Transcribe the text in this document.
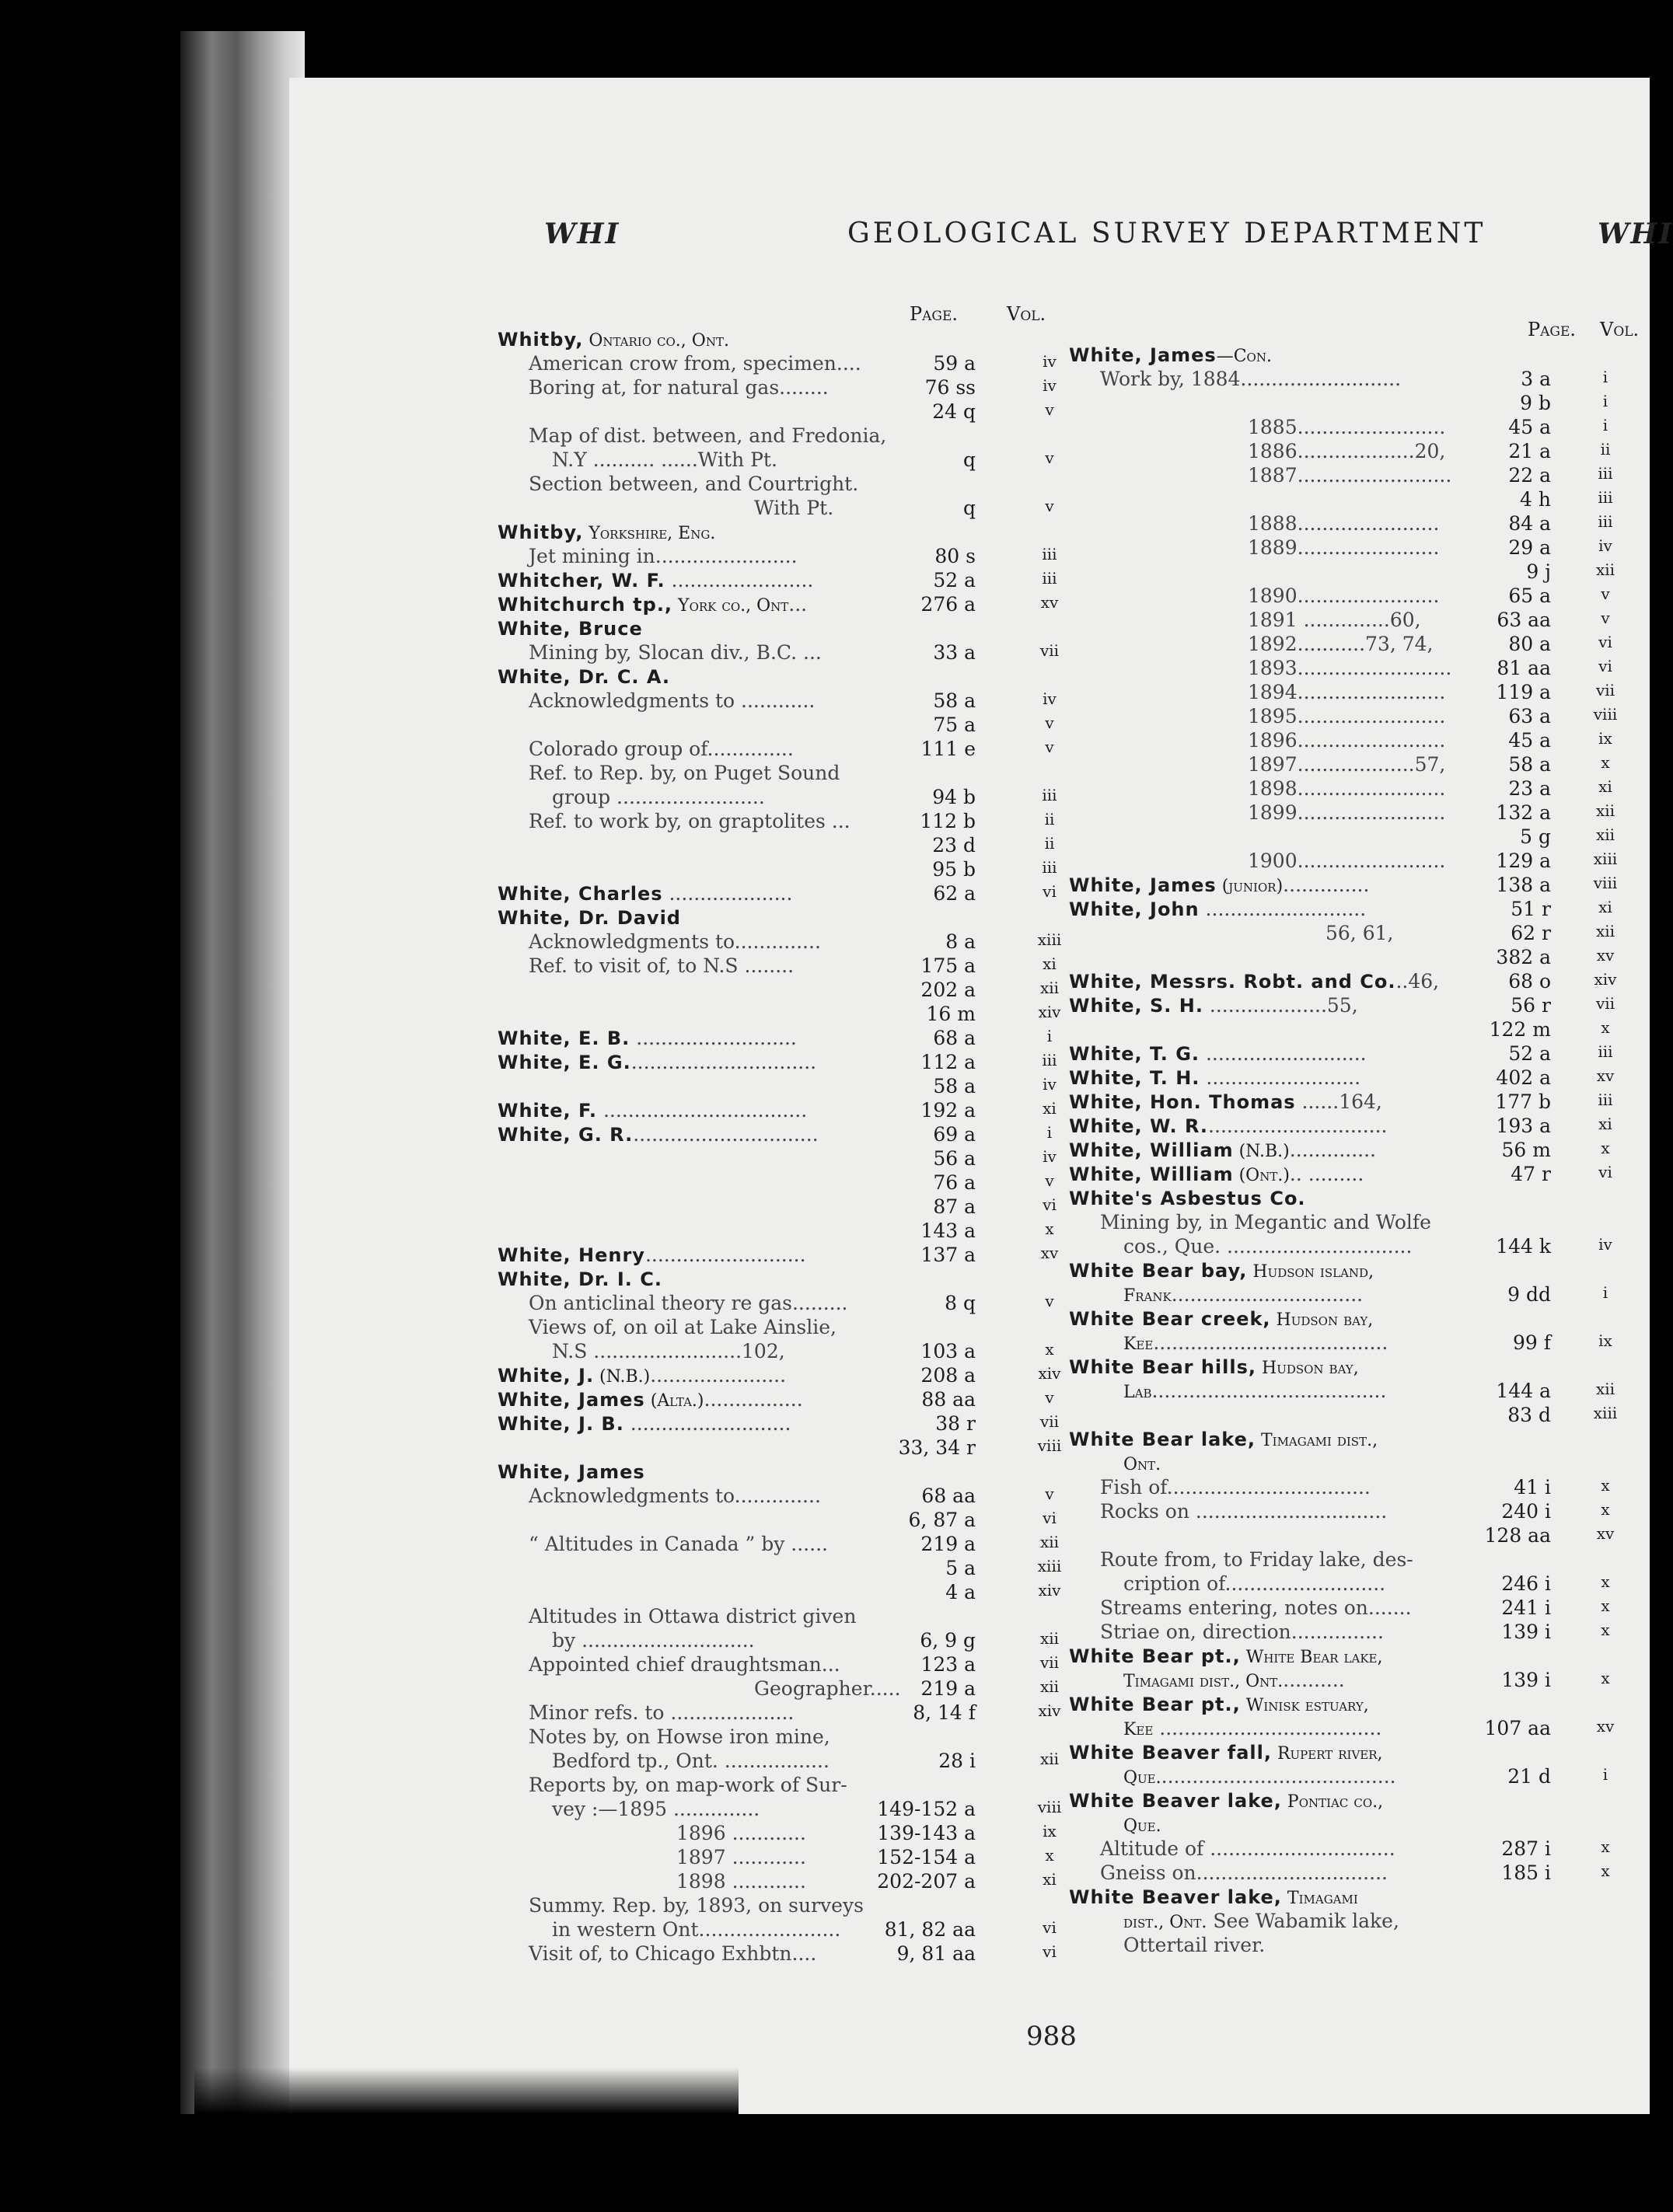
WHI	GEOLOGICAL SURVEY DEPARTMENT	WHI
Page.	Vol.
Whitby, Ontario co., Ont.
American crow from, specimen....	59 a	iv
Boring at, for natural gas........	76 ss	iv
24 q	v
Map of dist. between, and Fredonia,
N.Y .......... ......With Pt.	q	v
Section between, and Courtright.
With Pt.	q	v
Whitby, Yorkshire, Eng.
Jet mining in.......................	80 s	iii
Whitcher, W. F. .......................	52 a	iii
Whitchurch tp., York co., Ont...	276 a	xv
White, Bruce
Mining by, Slocan div., B.C. ...	33 a	vii
White, Dr. C. A.
Acknowledgments to ............	58 a	iv
75 a	v
Colorado group of..............	111 e	v
Ref. to Rep. by, on Puget Sound
group ........................	94 b	iii
Ref. to work by, on graptolites ...	112 b	ii
23 d	ii
95 b	iii
White, Charles ....................	62 a	vi
White, Dr. David
Acknowledgments to..............	8 a	xiii
Ref. to visit of, to N.S ........	175 a	xi
202 a	xii
16 m	xiv
White, E. B. ..........................	68 a	i
White, E. G...............................	112 a	iii
58 a	iv
White, F. .................................	192 a	xi
White, G. R...............................	69 a	i
56 a	iv
76 a	v
87 a	vi
143 a	x
White, Henry..........................	137 a	xv
White, Dr. I. C.
On anticlinal theory re gas.........	8 q	v
Views of, on oil at Lake Ainslie,
N.S ........................102,	103 a	x
White, J. (N.B.)......................	208 a	xiv
White, James (Alta.)................	88 aa	v
White, J. B. ..........................	38 r	vii
33, 34 r	viii
White, James
Acknowledgments to..............	68 aa	v
6, 87 a	vi
“ Altitudes in Canada ” by ......	219 a	xii
5 a	xiii
4 a	xiv
Altitudes in Ottawa district given
by ............................	6, 9 g	xii
Appointed chief draughtsman...	123 a	vii
Geographer.....	219 a	xii
Minor refs. to ....................	8, 14 f	xiv
Notes by, on Howse iron mine,
Bedford tp., Ont. .................	28 i	xii
Reports by, on map-work of Sur-
vey :—1895 ..............	149-152 a	viii
1896 ............	139-143 a	ix
1897 ............	152-154 a	x
1898 ............	202-207 a	xi
Summy. Rep. by, 1893, on surveys
in western Ont.......................	81, 82 aa	vi
Visit of, to Chicago Exhbtn....	9, 81 aa	vi
Page. Vol.
White, James—Con.
Work by, 1884..........................	3 a	i
9 b	i
1885........................	45 a	i
1886...................20,	21 a	ii
1887.........................	22 a	iii
4 h	iii
1888.......................	84 a	iii
1889.......................	29 a	iv
9 j	xii
1890.......................	65 a	v
1891 ..............60,	63 aa	v
1892...........73, 74,	80 a	vi
1893.........................	81 aa	vi
1894........................	119 a	vii
1895........................	63 a	viii
1896........................	45 a	ix
1897...................57,	58 a	x
1898........................	23 a	xi
1899........................	132 a	xii
5 g	xii
1900........................	129 a	xiii
White, James (junior)..............	138 a	viii
White, John ..........................	51 r	xi
56, 61,	62 r	xii
382 a	xv
White, Messrs. Robt. and Co...46,	68 o	xiv
White, S. H. ...................55,	56 r	vii
122 m	x
White, T. G. ..........................	52 a	iii
White, T. H. .........................	402 a	xv
White, Hon. Thomas ......164,	177 b	iii
White, W. R..............................	193 a	xi
White, William (N.B.)..............	56 m	x
White, William (Ont.).. .........	47 r	vi
White's Asbestus Co.
Mining by, in Megantic and Wolfe
cos., Que. ..............................	144 k	iv
White Bear bay, Hudson island,
Frank...............................	9 dd	i
White Bear creek, Hudson bay,
Kee......................................	99 f	ix
White Bear hills, Hudson bay,
Lab......................................	144 a	xii
83 d	xiii
White Bear lake, Timagami dist.,
Ont.
Fish of.................................	41 i	x
Rocks on ...............................	240 i	x
128 aa	xv
Route from, to Friday lake, des-
cription of..........................	246 i	x
Streams entering, notes on.......	241 i	x
Striae on, direction...............	139 i	x
White Bear pt., White Bear lake,
Timagami dist., Ont...........	139 i	x
White Bear pt., Winisk estuary,
Kee ....................................	107 aa	xv
White Beaver fall, Rupert river,
Que.......................................	21 d	i
White Beaver lake, Pontiac co.,
Que.
Altitude of ..............................	287 i	x
Gneiss on...............................	185 i	x
White Beaver lake, Timagami
dist., Ont. See Wabamik lake,
Ottertail river.
988
